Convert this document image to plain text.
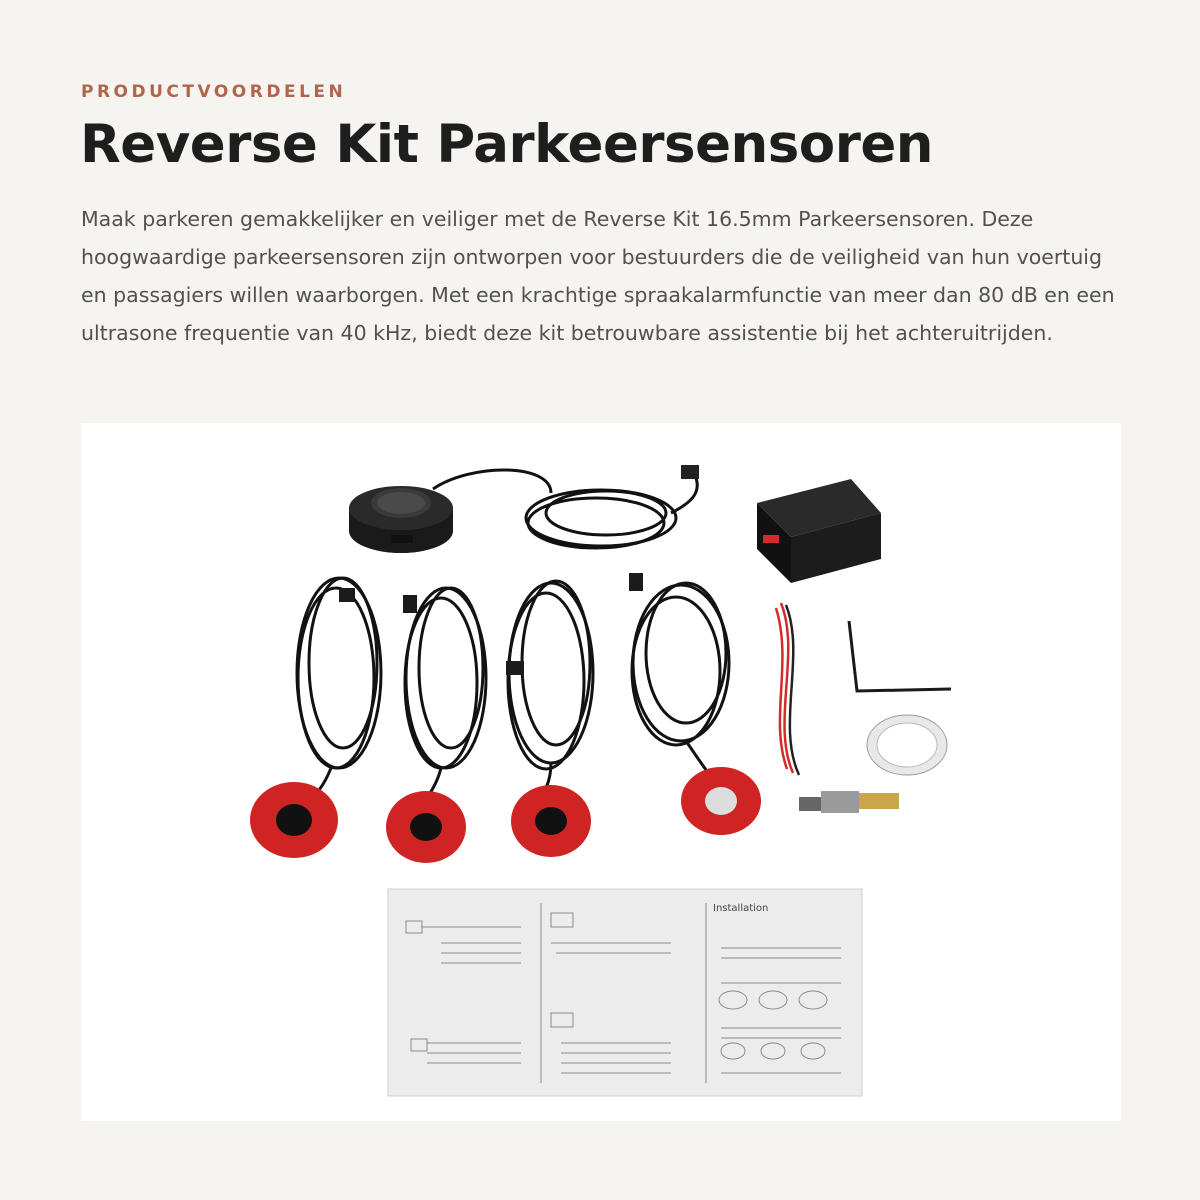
PRODUCTVOORDELEN
Reverse Kit Parkeersensoren

Maak parkeren gemakkelijker en veiliger met de Reverse Kit 16.5mm Parkeersensoren. Deze hoogwaardige parkeersensoren zijn ontworpen voor bestuurders die de veiligheid van hun voertuig en passagiers willen waarborgen. Met een krachtige spraakalarmfunctie van meer dan 80 dB en een ultrasone frequentie van 40 kHz, biedt deze kit betrouwbare assistentie bij het achteruitrijden.

Installation
